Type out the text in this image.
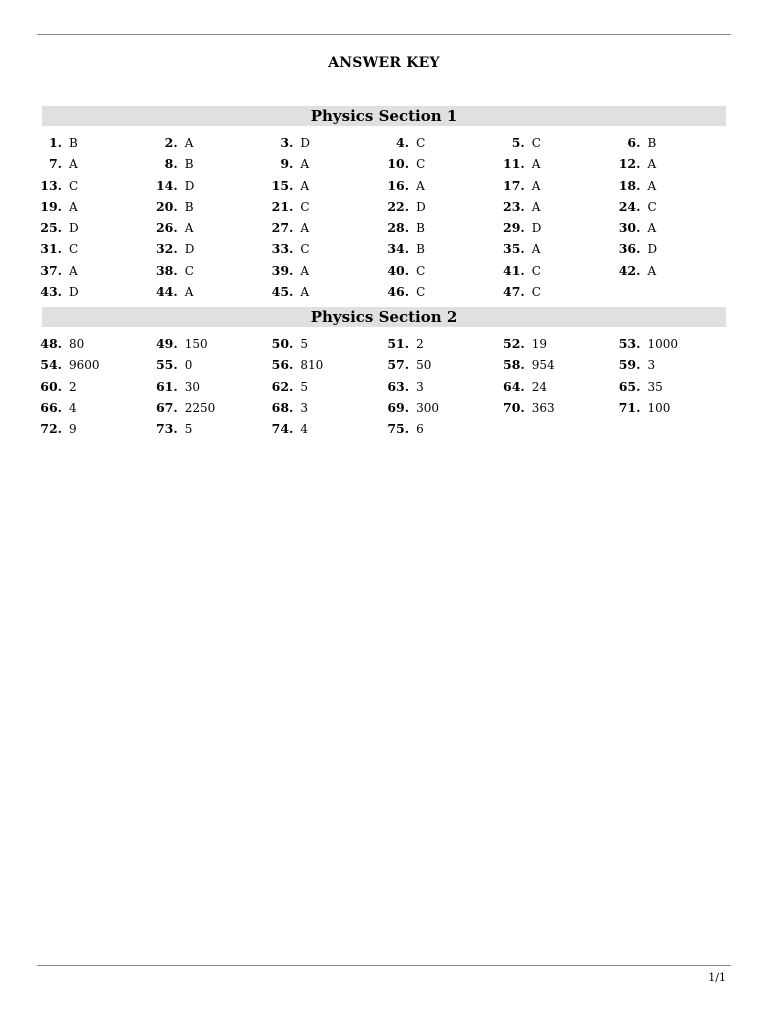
ANSWER KEY
Physics Section 1
1. B	2. A	3. D	4. C	5. C	6. B
7. A	8. B	9. A	10. C	11. A	12. A
13. C	14. D	15. A	16. A	17. A	18. A
19. A	20. B	21. C	22. D	23. A	24. C
25. D	26. A	27. A	28. B	29. D	30. A
31. C	32. D	33. C	34. B	35. A	36. D
37. A	38. C	39. A	40. C	41. C	42. A
43. D	44. A	45. A	46. C	47. C
Physics Section 2
48. 80	49. 150	50. 5	51. 2	52. 19	53. 1000
54. 9600	55. 0	56. 810	57. 50	58. 954	59. 3
60. 2	61. 30	62. 5	63. 3	64. 24	65. 35
66. 4	67. 2250	68. 3	69. 300	70. 363	71. 100
72. 9	73. 5	74. 4	75. 6
1/1
